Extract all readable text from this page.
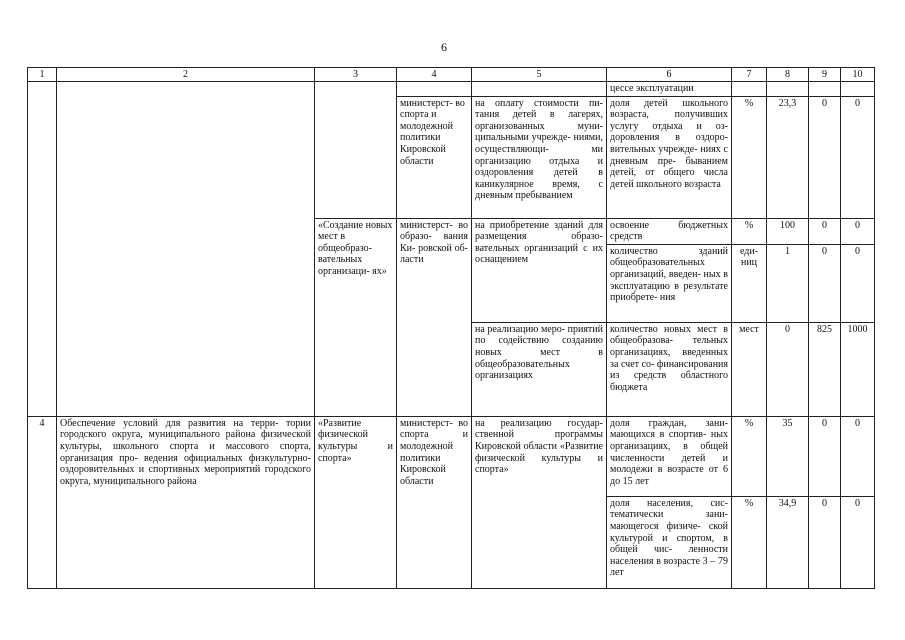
6
1	2	3	4	5	6	7	8	9	10
					цессе эксплуатации				
			министерст- во спорта и молодежной политики Кировской области	на оплату стоимости пи- тания детей в лагерях, организованных муни- ципальными учрежде- ниями, осуществляющи- ми организацию отдыха и оздоровления детей в каникулярное время, с дневным пребыванием	доля детей школьного возраста, получивших услугу отдыха и оз- доровления в оздоро- вительных учрежде- ниях с дневным пре- быванием детей, от общего числа детей школьного возраста	%	23,3	0	0
		«Создание новых мест в общеобразо- вательных организаци- ях»	министерст- во образо- вания Ки- ровской об- ласти	на приобретение зданий для размещения образо- вательных организаций с их оснащением	освоение бюджетных средств	%	100	0	0
					количество зданий общеобразовательных организаций, введен- ных в эксплуатацию в результате приобрете- ния	еди- ниц	1	0	0
				на реализацию меро- приятий по содействию созданию новых мест в общеобразовательных организациях	количество новых мест в общеобразова- тельных организациях, введенных за счет со- финансирования из средств областного бюджета	мест	0	825	1000

4	Обеспечение условий для развития на терри- тории городского округа, муниципального района физической культуры, школьного спорта и массового спорта, организация про- ведения официальных физкультурно- оздоровительных и спортивных мероприятий городского округа, муниципального района	«Развитие физической культуры и спорта»	министерст- во спорта и молодежной политики Кировской области	на реализацию государ- ственной программы Кировской области «Развитие физической культуры и спорта»	доля граждан, зани- мающихся в спортив- ных организациях, в общей численности детей и молодежи в возрасте от 6 до 15 лет	%	35	0	0
					доля населения, сис- тематически зани- мающегося физиче- ской культурой и спортом, в общей чис- ленности населения в возрасте 3 – 79 лет	%	34,9	0	0
